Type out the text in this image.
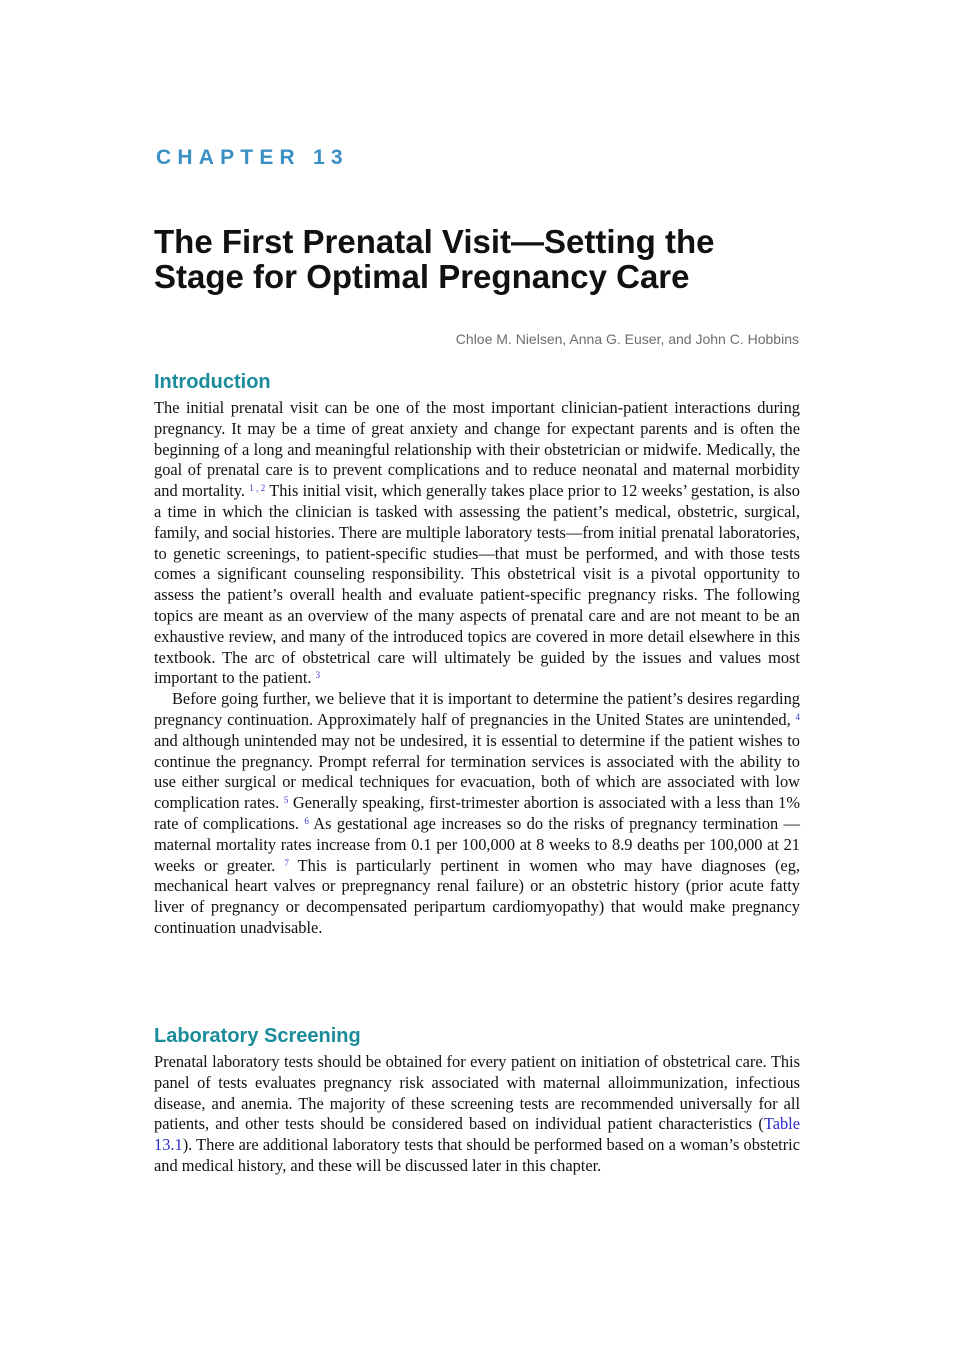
CHAPTER 13
The First Prenatal Visit—Setting the
Stage for Optimal Pregnancy Care

Chloe M. Nielsen, Anna G. Euser, and John C. Hobbins

Introduction

The initial prenatal visit can be one of the most important clinician-patient interactions during pregnancy. It may be a time of great anxiety and change for expectant parents and is often the beginning of a long and meaningful relationship with their obstetrician or midwife. Medically, the goal of prenatal care is to prevent complications and to reduce neonatal and maternal morbidity and mortality. $^1$ , $^2$ This initial visit, which generally takes place prior to 12 weeks’ gestation, is also a time in which the clinician is tasked with assessing the patient’s medical, obstetric, surgical, family, and social histories. There are multiple laboratory tests—from initial prenatal laboratories, to genetic screenings, to patient-specific studies—that must be performed, and with those tests comes a significant counseling responsibility. This obstetrical visit is a pivotal opportunity to assess the patient’s overall health and evaluate patient-specific pregnancy risks. The following topics are meant as an overview of the many aspects of prenatal care and are not meant to be an exhaustive review, and many of the introduced topics are covered in more detail elsewhere in this textbook. The arc of obstetrical care will ultimately be guided by the issues and values most important to the patient. $^3$

Before going further, we believe that it is important to determine the patient’s desires regarding pregnancy continuation. Approximately half of pregnancies in the United States are unintended, $^4$ and although unintended may not be undesired, it is essential to determine if the patient wishes to continue the pregnancy. Prompt referral for termination services is associated with the ability to use either surgical or medical techniques for evacuation, both of which are associated with low complication rates. $^5$ Generally speaking, first-trimester abortion is associated with a less than 1% rate of complications. $^6$ As gestational age increases so do the risks of pregnancy termination —maternal mortality rates increase from 0.1 per 100,000 at 8 weeks to 8.9 deaths per 100,000 at 21 weeks or greater. $^7$ This is particularly pertinent in women who may have diagnoses (eg, mechanical heart valves or prepregnancy renal failure) or an obstetric history (prior acute fatty liver of pregnancy or decompensated peripartum cardiomyopathy) that would make pregnancy continuation unadvisable.

Laboratory Screening

Prenatal laboratory tests should be obtained for every patient on initiation of obstetrical care. This panel of tests evaluates pregnancy risk associated with maternal alloimmunization, infectious disease, and anemia. The majority of these screening tests are recommended universally for all patients, and other tests should be considered based on individual patient characteristics (Table 13.1). There are additional laboratory tests that should be performed based on a woman’s obstetric and medical history, and these will be discussed later in this chapter.
